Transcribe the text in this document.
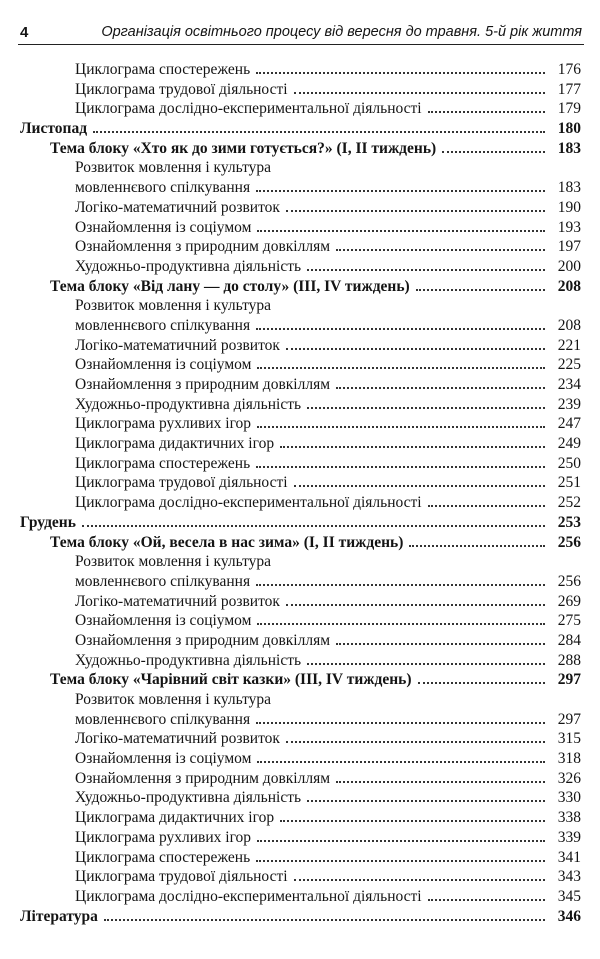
4	Організація освітнього процесу від вересня до травня. 5-й рік життя
Циклограма спостережень	176
Циклограма трудової діяльності	177
Циклограма дослідно-експериментальної діяльності	179
Листопад	180
Тема блоку «Хто як до зими готується?» (I, II тиждень)	183
Розвиток мовлення і культура
мовленнєвого спілкування	183
Логіко-математичний розвиток	190
Ознайомлення із соціумом	193
Ознайомлення з природним довкіллям	197
Художньо-продуктивна діяльність	200
Тема блоку «Від лану — до столу» (III, IV тиждень)	208
Розвиток мовлення і культура
мовленнєвого спілкування	208
Логіко-математичний розвиток	221
Ознайомлення із соціумом	225
Ознайомлення з природним довкіллям	234
Художньо-продуктивна діяльність	239
Циклограма рухливих ігор	247
Циклограма дидактичних ігор	249
Циклограма спостережень	250
Циклограма трудової діяльності	251
Циклограма дослідно-експериментальної діяльності	252
Грудень	253
Тема блоку «Ой, весела в нас зима» (I, II тиждень)	256
Розвиток мовлення і культура
мовленнєвого спілкування	256
Логіко-математичний розвиток	269
Ознайомлення із соціумом	275
Ознайомлення з природним довкіллям	284
Художньо-продуктивна діяльність	288
Тема блоку «Чарівний світ казки» (III, IV тиждень)	297
Розвиток мовлення і культура
мовленнєвого спілкування	297
Логіко-математичний розвиток	315
Ознайомлення із соціумом	318
Ознайомлення з природним довкіллям	326
Художньо-продуктивна діяльність	330
Циклограма дидактичних ігор	338
Циклограма рухливих ігор	339
Циклограма спостережень	341
Циклограма трудової діяльності	343
Циклограма дослідно-експериментальної діяльності	345
Література	346
